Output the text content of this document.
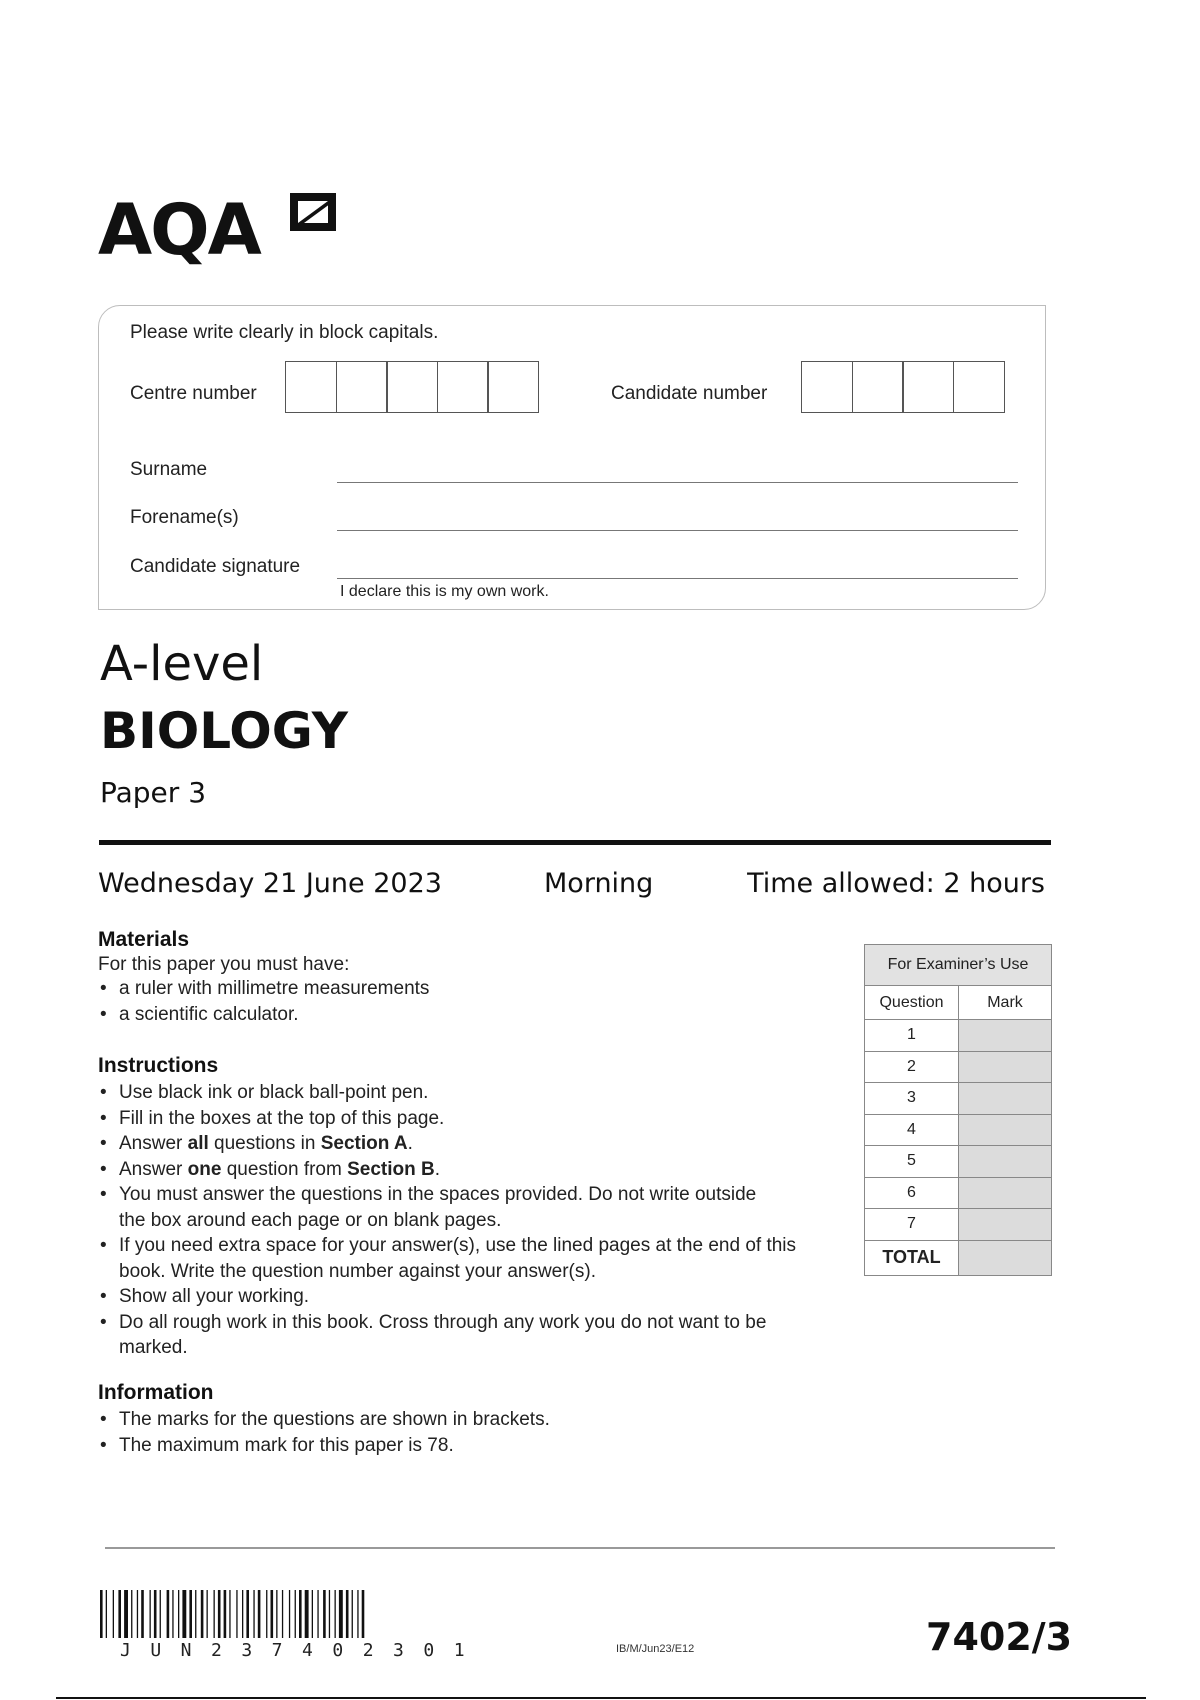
AQA
Please write clearly in block capitals.
Centre number	Candidate number
Surname
Forename(s)
Candidate signature
I declare this is my own work.
A-level
BIOLOGY
Paper 3
Wednesday 21 June 2023	Morning	Time allowed: 2 hours
Materials
For this paper you must have:
• a ruler with millimetre measurements
• a scientific calculator.
Instructions
• Use black ink or black ball-point pen.
• Fill in the boxes at the top of this page.
• Answer all questions in Section A.
• Answer one question from Section B.
• You must answer the questions in the spaces provided. Do not write outside the box around each page or on blank pages.
• If you need extra space for your answer(s), use the lined pages at the end of this book. Write the question number against your answer(s).
• Show all your working.
• Do all rough work in this book. Cross through any work you do not want to be marked.
Information
• The marks for the questions are shown in brackets.
• The maximum mark for this paper is 78.
For Examiner’s Use	
Question	Mark
1	
2	
3	
4	
5	
6	
7	
TOTAL	
JUN237402301	IB/M/Jun23/E12	7402/3
